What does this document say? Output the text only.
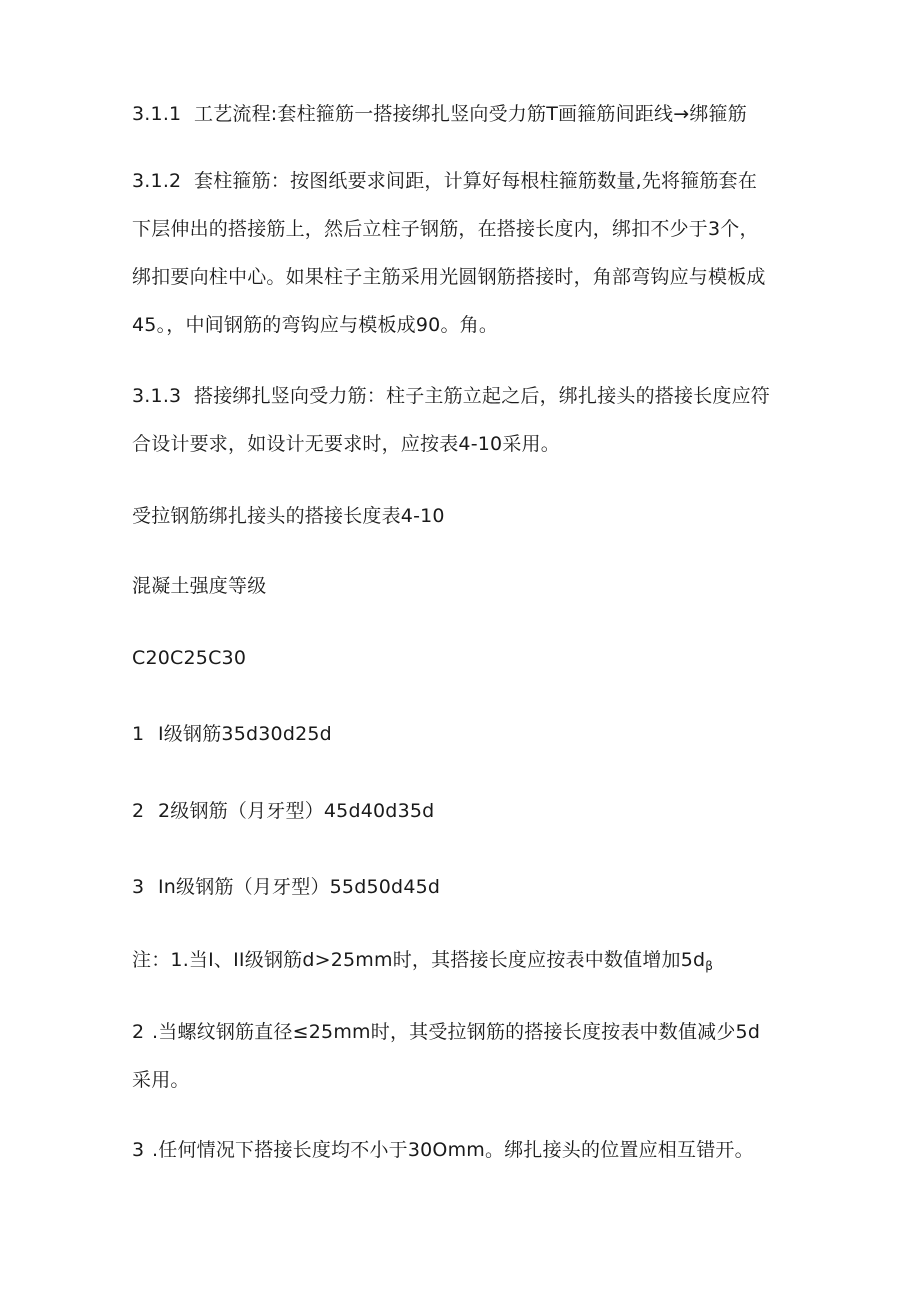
3.1.1 工艺流程:套柱箍筋一搭接绑扎竖向受力筋T画箍筋间距线→绑箍筋
3.1.2 套柱箍筋：按图纸要求间距，计算好每根柱箍筋数量,先将箍筋套在
下层伸出的搭接筋上，然后立柱子钢筋，在搭接长度内，绑扣不少于3个，
绑扣要向柱中心。如果柱子主筋采用光圆钢筋搭接时，角部弯钩应与模板成
45。，中间钢筋的弯钩应与模板成90。角。
3.1.3 搭接绑扎竖向受力筋：柱子主筋立起之后，绑扎接头的搭接长度应符
合设计要求，如设计无要求时，应按表4-10采用。
受拉钢筋绑扎接头的搭接长度表4-10
混凝土强度等级
C20C25C30
1 I级钢筋35d30d25d
2 2级钢筋（月牙型）45d40d35d
3 In级钢筋（月牙型）55d50d45d
注：1.当I、II级钢筋d>25mm时，其搭接长度应按表中数值增加$5d_\beta$
2 .当螺纹钢筋直径≤25mm时，其受拉钢筋的搭接长度按表中数值减少5d
采用。
3 .任何情况下搭接长度均不小于30Omm。绑扎接头的位置应相互错开。
